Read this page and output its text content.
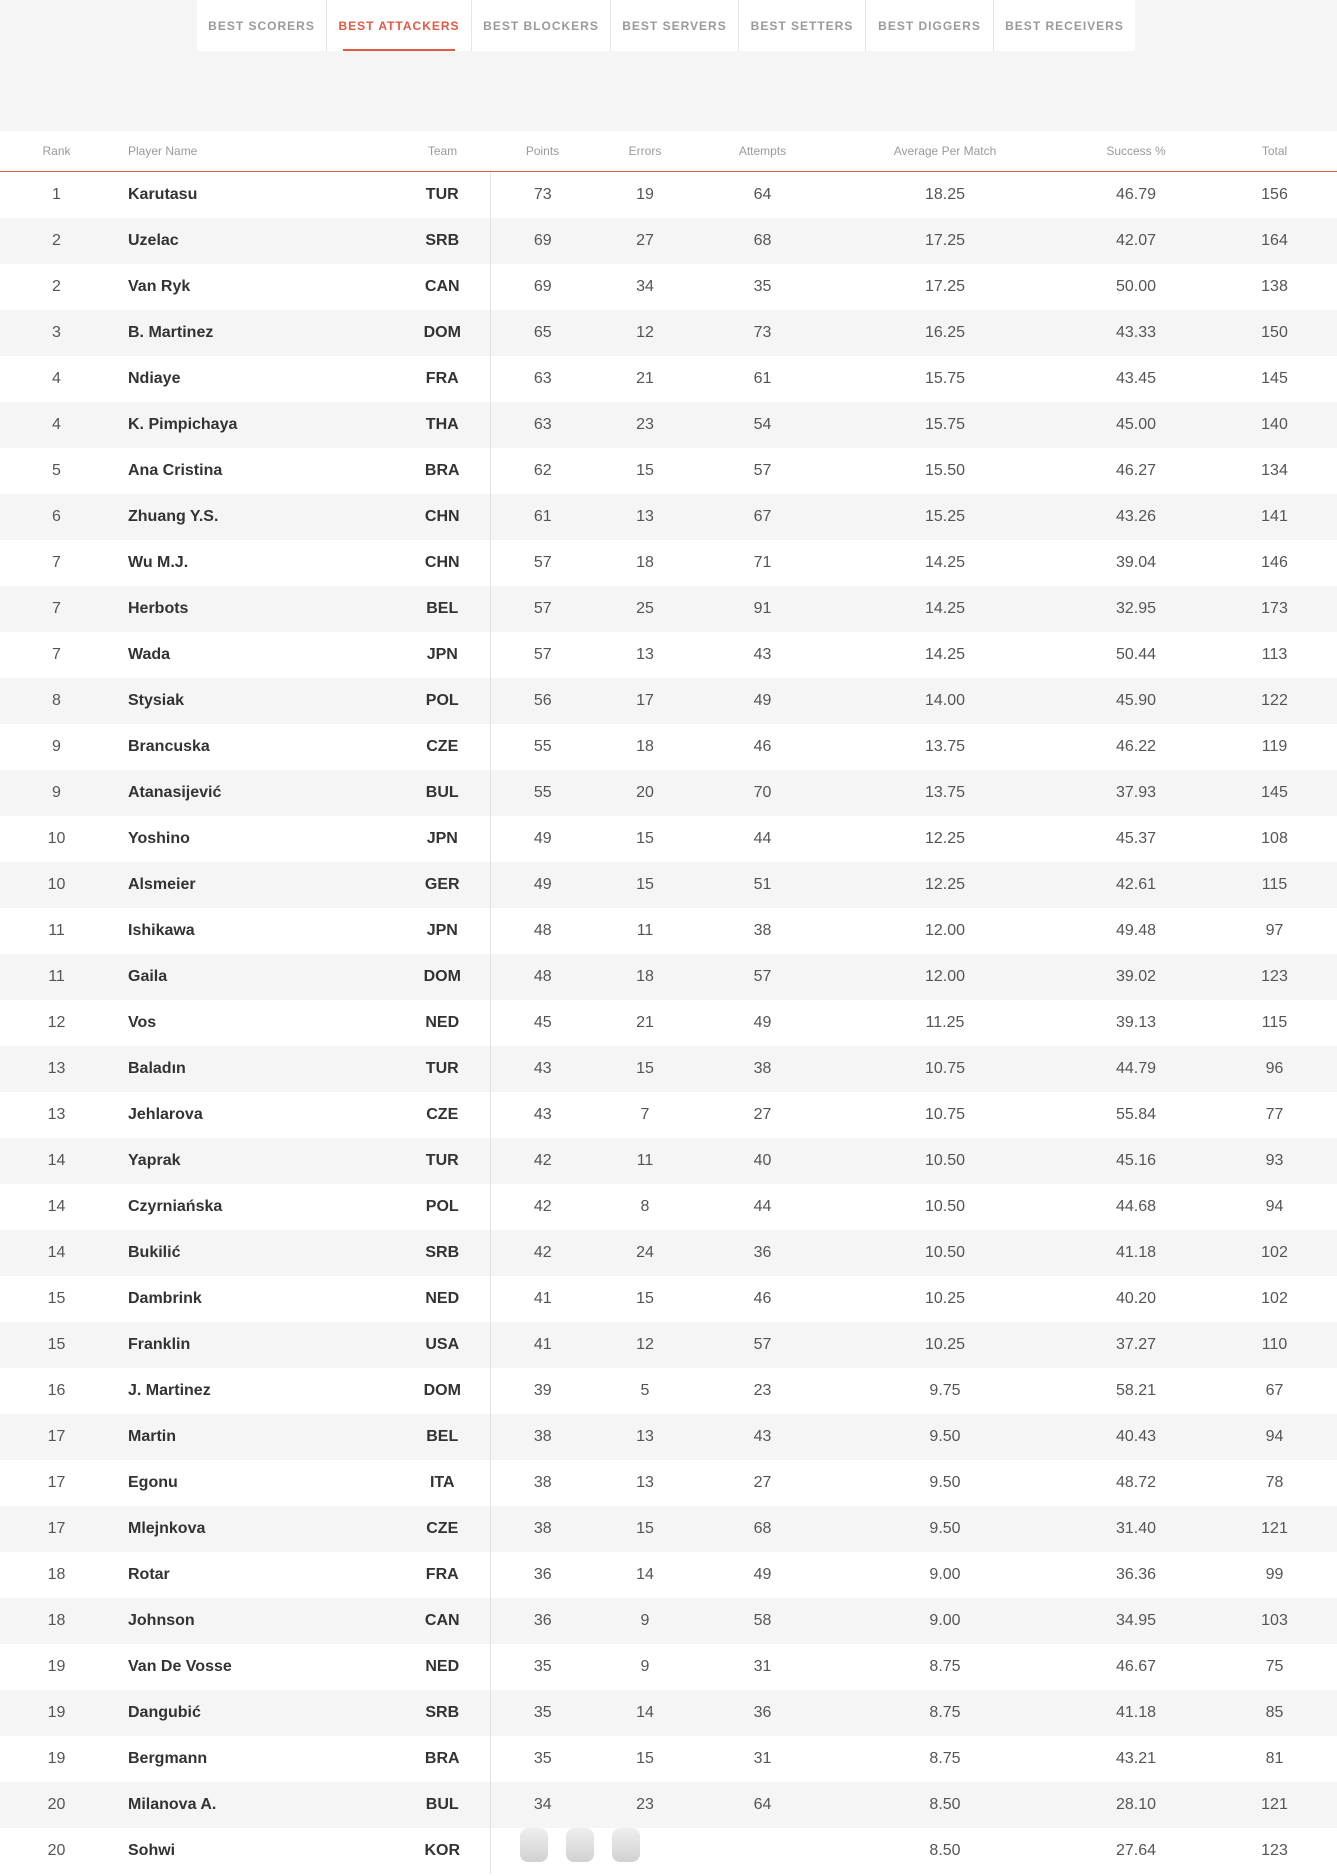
BEST SCORERS	BEST ATTACKERS	BEST BLOCKERS	BEST SERVERS	BEST SETTERS	BEST DIGGERS	BEST RECEIVERS
Rank	Player Name	Team	Points	Errors	Attempts	Average Per Match	Success %	Total
1	Karutasu	TUR	73	19	64	18.25	46.79	156
2	Uzelac	SRB	69	27	68	17.25	42.07	164
2	Van Ryk	CAN	69	34	35	17.25	50.00	138
3	B. Martinez	DOM	65	12	73	16.25	43.33	150
4	Ndiaye	FRA	63	21	61	15.75	43.45	145
4	K. Pimpichaya	THA	63	23	54	15.75	45.00	140
5	Ana Cristina	BRA	62	15	57	15.50	46.27	134
6	Zhuang Y.S.	CHN	61	13	67	15.25	43.26	141
7	Wu M.J.	CHN	57	18	71	14.25	39.04	146
7	Herbots	BEL	57	25	91	14.25	32.95	173
7	Wada	JPN	57	13	43	14.25	50.44	113
8	Stysiak	POL	56	17	49	14.00	45.90	122
9	Brancuska	CZE	55	18	46	13.75	46.22	119
9	Atanasijević	BUL	55	20	70	13.75	37.93	145
10	Yoshino	JPN	49	15	44	12.25	45.37	108
10	Alsmeier	GER	49	15	51	12.25	42.61	115
11	Ishikawa	JPN	48	11	38	12.00	49.48	97
11	Gaila	DOM	48	18	57	12.00	39.02	123
12	Vos	NED	45	21	49	11.25	39.13	115
13	Baladın	TUR	43	15	38	10.75	44.79	96
13	Jehlarova	CZE	43	7	27	10.75	55.84	77
14	Yaprak	TUR	42	11	40	10.50	45.16	93
14	Czyrniańska	POL	42	8	44	10.50	44.68	94
14	Bukilić	SRB	42	24	36	10.50	41.18	102
15	Dambrink	NED	41	15	46	10.25	40.20	102
15	Franklin	USA	41	12	57	10.25	37.27	110
16	J. Martinez	DOM	39	5	23	9.75	58.21	67
17	Martin	BEL	38	13	43	9.50	40.43	94
17	Egonu	ITA	38	13	27	9.50	48.72	78
17	Mlejnkova	CZE	38	15	68	9.50	31.40	121
18	Rotar	FRA	36	14	49	9.00	36.36	99
18	Johnson	CAN	36	9	58	9.00	34.95	103
19	Van De Vosse	NED	35	9	31	8.75	46.67	75
19	Dangubić	SRB	35	14	36	8.75	41.18	85
19	Bergmann	BRA	35	15	31	8.75	43.21	81
20	Milanova A.	BUL	34	23	64	8.50	28.10	121
20	Sohwi	KOR				8.50	27.64	123
